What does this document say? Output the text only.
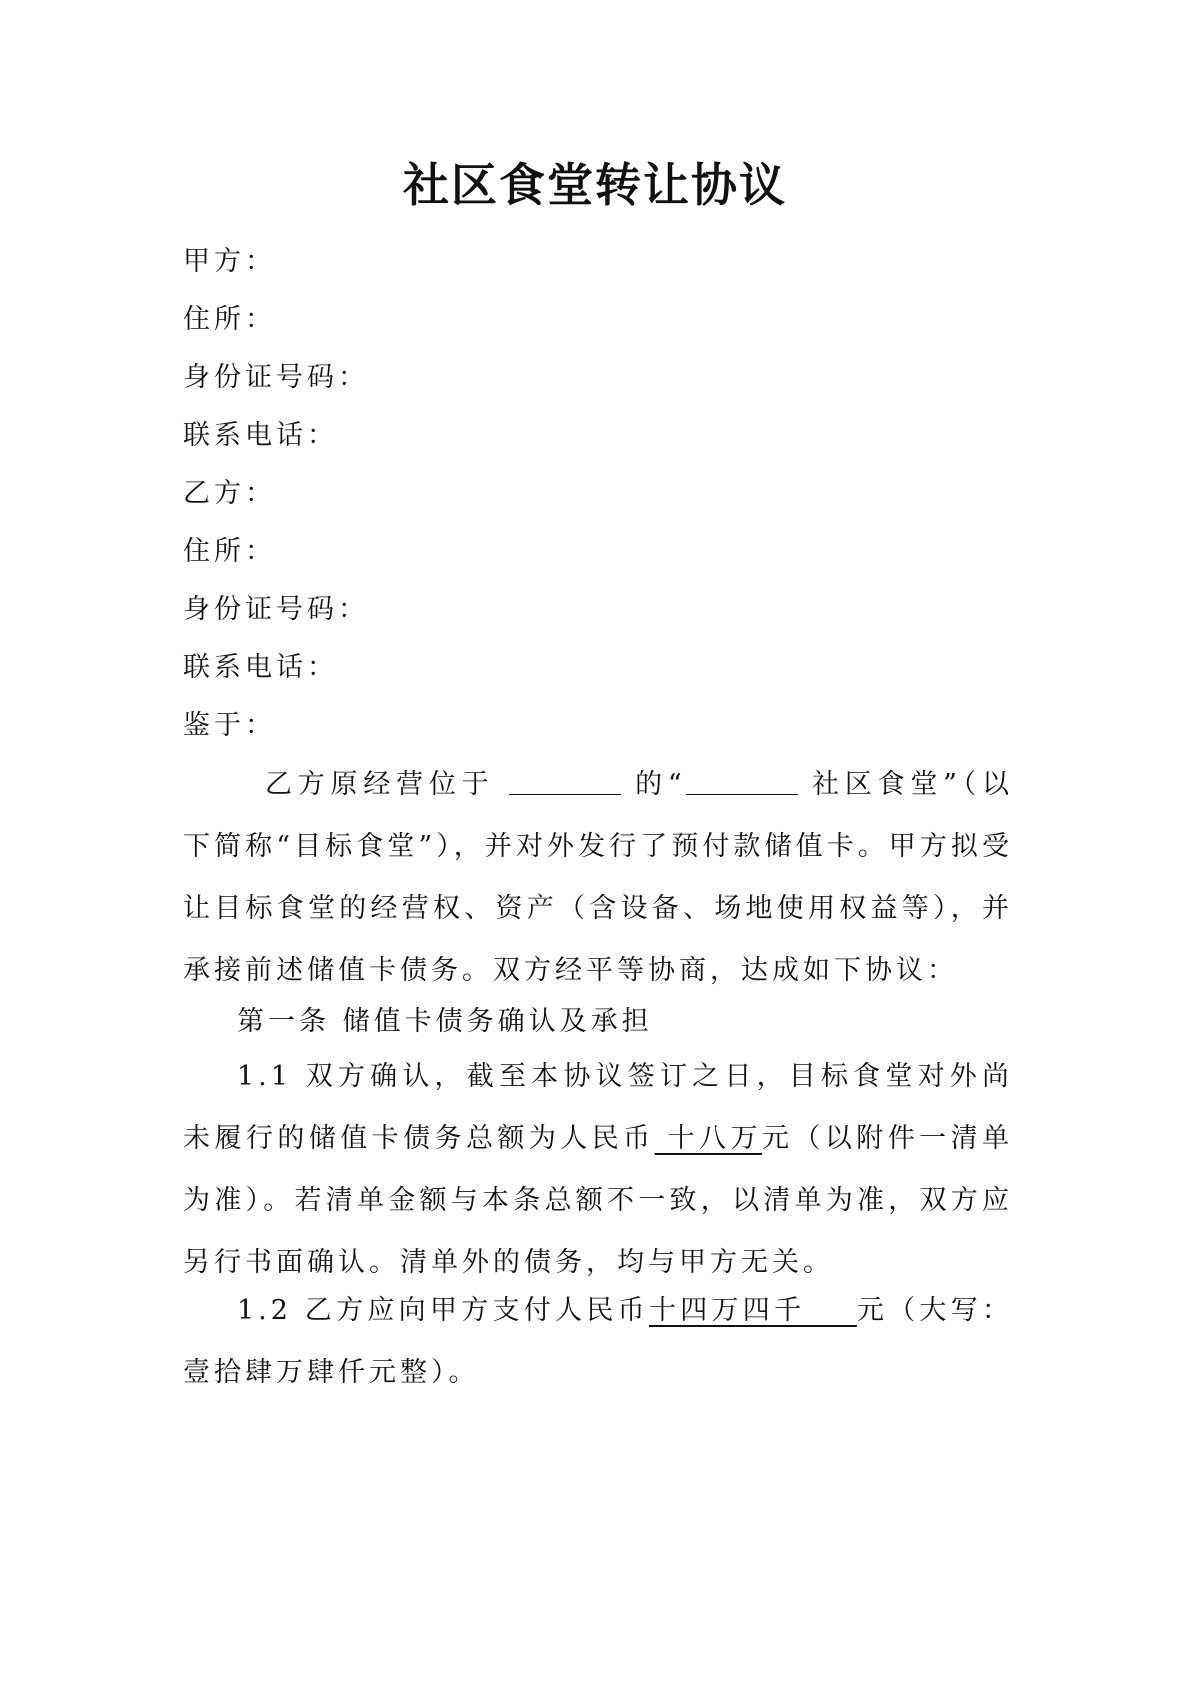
社区食堂转让协议
甲方：
住所：
身份证号码：
联系电话：
乙方：
住所：
身份证号码：
联系电话：
鉴于：
乙方原经营位于	的“	社区食堂”（以下简称“目标食堂”），并对外发行了预付款储值卡。甲方拟受让目标食堂的经营权、资产（含设备、场地使用权益等），并承接前述储值卡债务。双方经平等协商，达成如下协议：
第一条 储值卡债务确认及承担
1.1 双方确认，截至本协议签订之日，目标食堂对外尚未履行的储值卡债务总额为人民币 十八万元（以附件一清单为准）。若清单金额与本条总额不一致，以清单为准，双方应另行书面确认。清单外的债务，均与甲方无关。
1.2 乙方应向甲方支付人民币十四万四千    元（大写：壹拾肆万肆仟元整）。
